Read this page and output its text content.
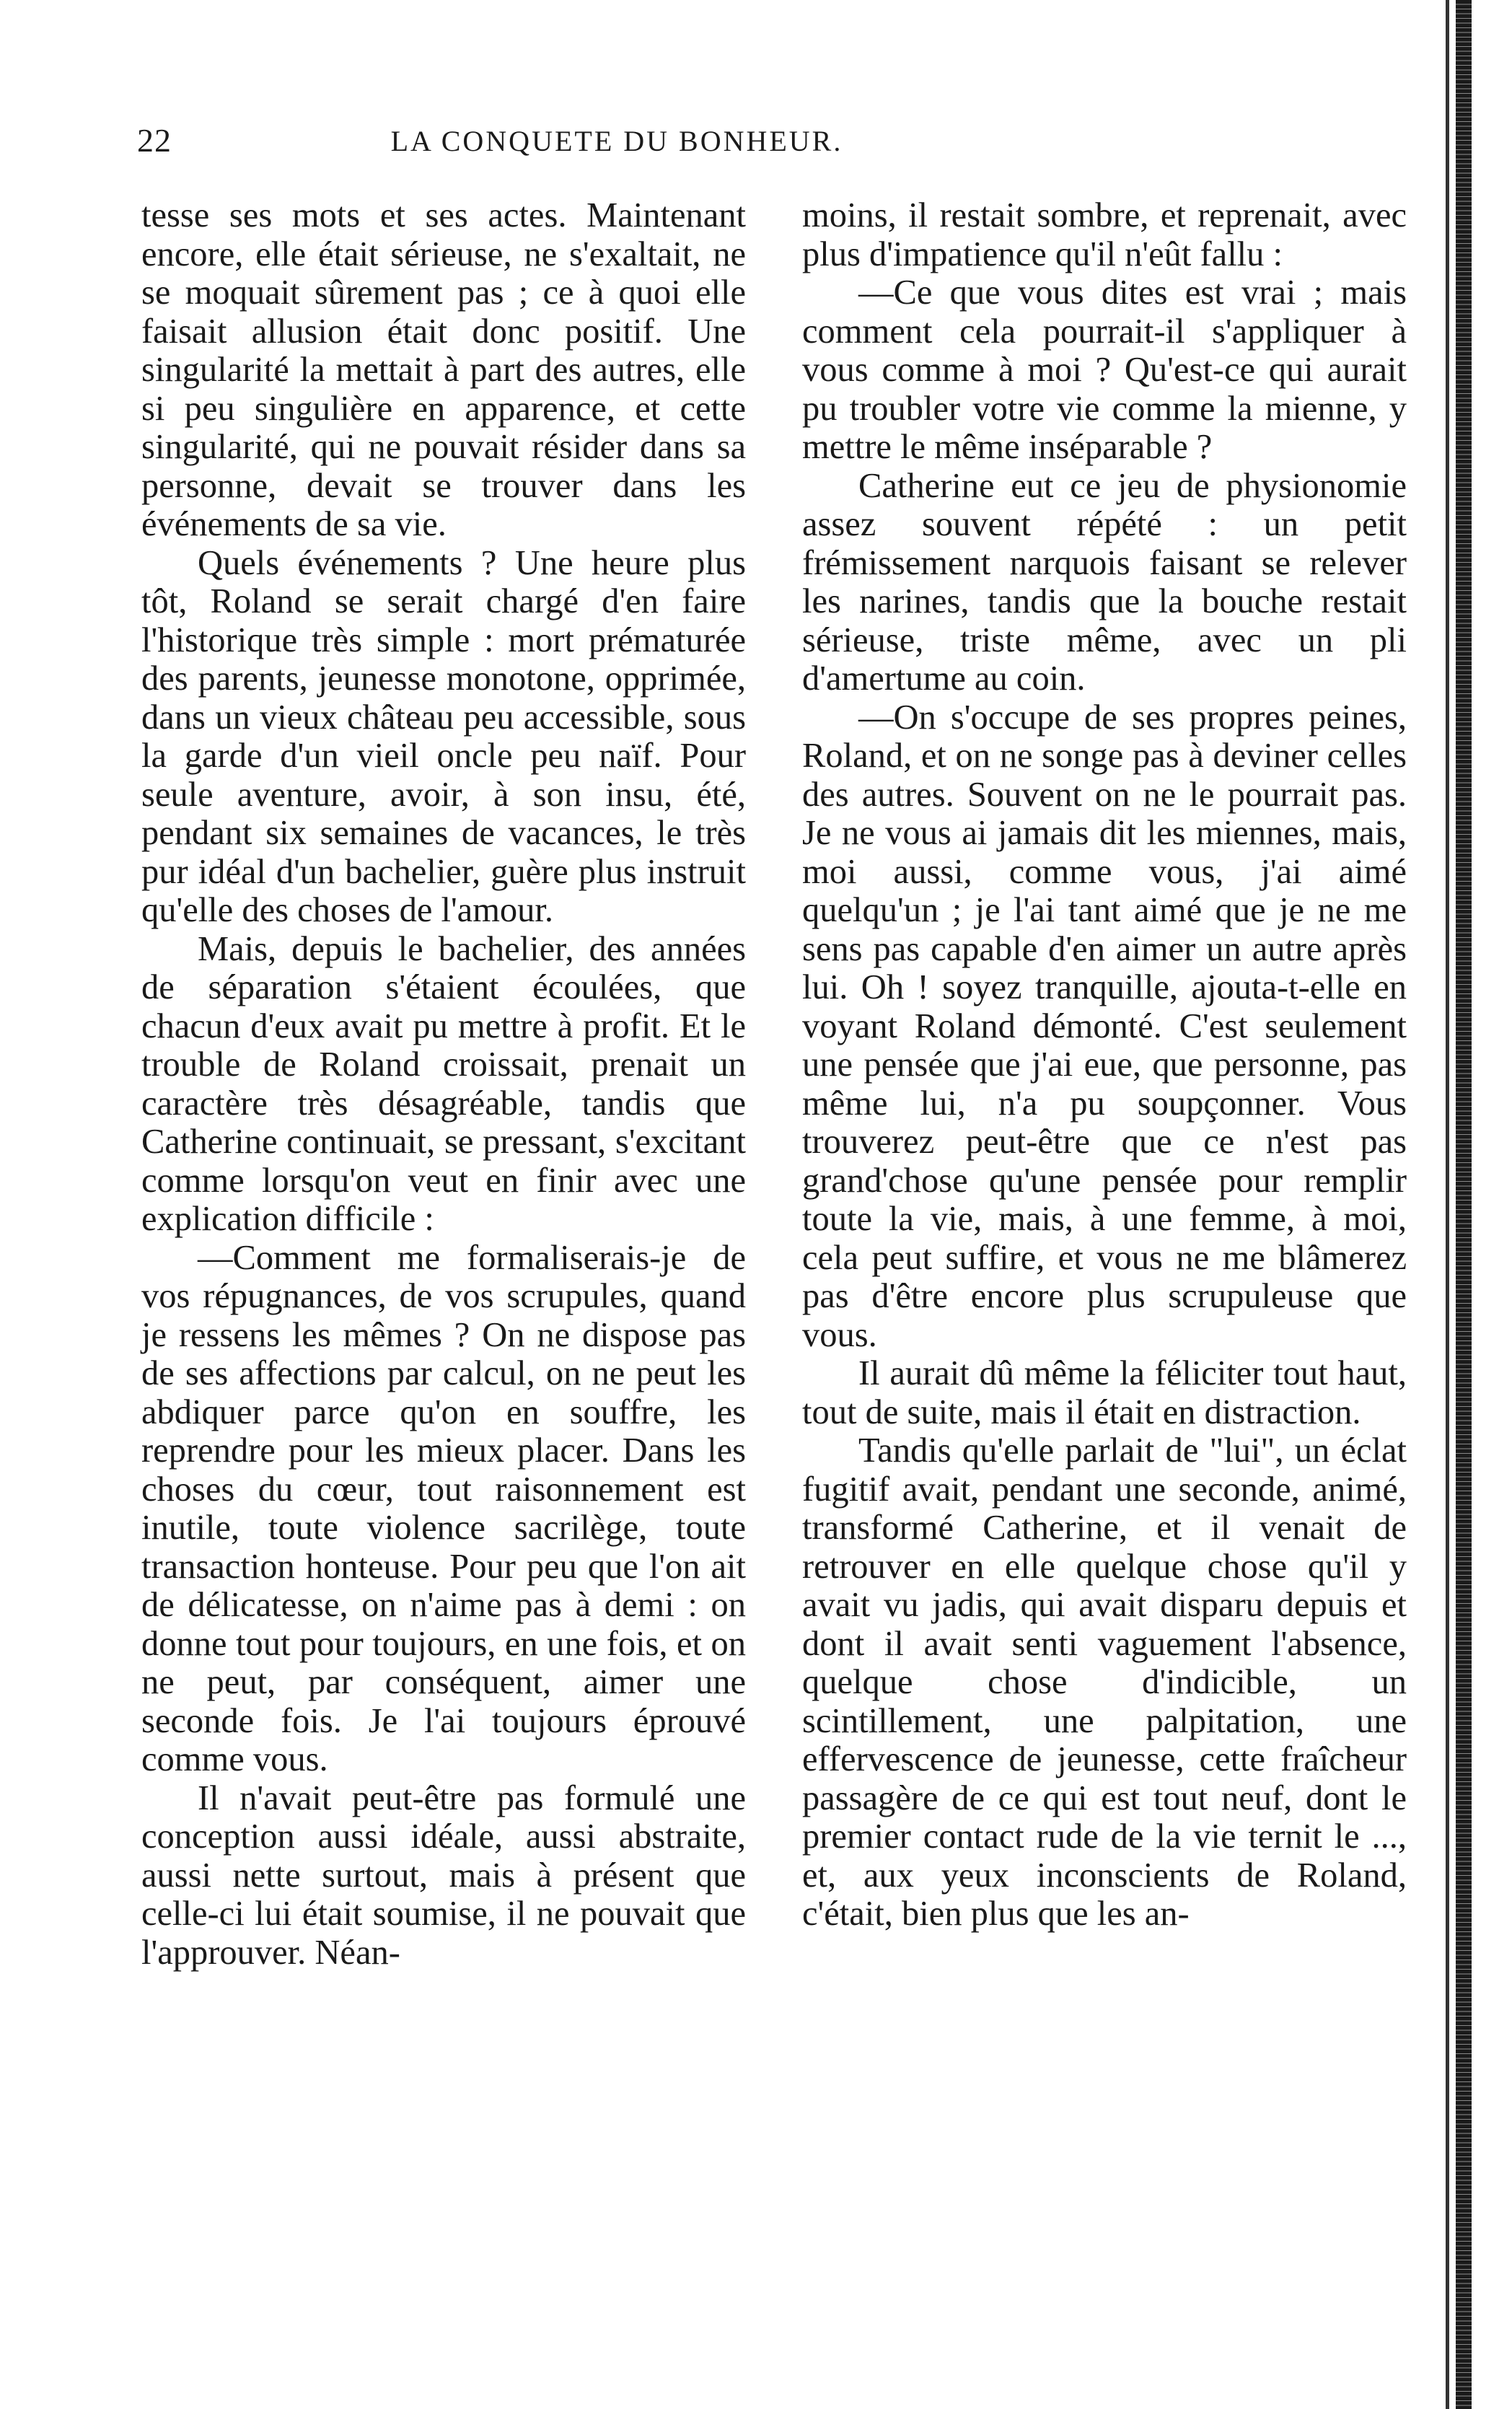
22	LA CONQUETE DU BONHEUR.

tesse ses mots et ses actes. Maintenant encore, elle était sérieuse, ne s'exaltait, ne se moquait sûrement pas ; ce à quoi elle faisait allusion était donc positif. Une singularité la mettait à part des autres, elle si peu singulière en apparence, et cette singularité, qui ne pouvait résider dans sa personne, devait se trouver dans les événements de sa vie.

Quels événements ? Une heure plus tôt, Roland se serait chargé d'en faire l'historique très simple : mort prématurée des parents, jeunesse monotone, opprimée, dans un vieux château peu accessible, sous la garde d'un vieil oncle peu naïf. Pour seule aventure, avoir, à son insu, été, pendant six semaines de vacances, le très pur idéal d'un bachelier, guère plus instruit qu'elle des choses de l'amour.

Mais, depuis le bachelier, des années de séparation s'étaient écoulées, que chacun d'eux avait pu mettre à profit. Et le trouble de Roland croissait, prenait un caractère très désagréable, tandis que Catherine continuait, se pressant, s'excitant comme lorsqu'on veut en finir avec une explication difficile :

—Comment me formaliserais-je de vos répugnances, de vos scrupules, quand je ressens les mêmes ? On ne dispose pas de ses affections par calcul, on ne peut les abdiquer parce qu'on en souffre, les reprendre pour les mieux placer. Dans les choses du cœur, tout raisonnement est inutile, toute violence sacrilège, toute transaction honteuse. Pour peu que l'on ait de délicatesse, on n'aime pas à demi : on donne tout pour toujours, en une fois, et on ne peut, par conséquent, aimer une seconde fois. Je l'ai toujours éprouvé comme vous.

Il n'avait peut-être pas formulé une conception aussi idéale, aussi abstraite, aussi nette surtout, mais à présent que celle-ci lui était soumise, il ne pouvait que l'approuver. Néan-

moins, il restait sombre, et reprenait, avec plus d'impatience qu'il n'eût fallu :

—Ce que vous dites est vrai ; mais comment cela pourrait-il s'appliquer à vous comme à moi ? Qu'est-ce qui aurait pu troubler votre vie comme la mienne, y mettre le même inséparable ?

Catherine eut ce jeu de physionomie assez souvent répété : un petit frémissement narquois faisant se relever les narines, tandis que la bouche restait sérieuse, triste même, avec un pli d'amertume au coin.

—On s'occupe de ses propres peines, Roland, et on ne songe pas à deviner celles des autres. Souvent on ne le pourrait pas. Je ne vous ai jamais dit les miennes, mais, moi aussi, comme vous, j'ai aimé quelqu'un ; je l'ai tant aimé que je ne me sens pas capable d'en aimer un autre après lui. Oh ! soyez tranquille, ajouta-t-elle en voyant Roland démonté. C'est seulement une pensée que j'ai eue, que personne, pas même lui, n'a pu soupçonner. Vous trouverez peut-être que ce n'est pas grand'chose qu'une pensée pour remplir toute la vie, mais, à une femme, à moi, cela peut suffire, et vous ne me blâmerez pas d'être encore plus scrupuleuse que vous.

Il aurait dû même la féliciter tout haut, tout de suite, mais il était en distraction.

Tandis qu'elle parlait de "lui", un éclat fugitif avait, pendant une seconde, animé, transformé Catherine, et il venait de retrouver en elle quelque chose qu'il y avait vu jadis, qui avait disparu depuis et dont il avait senti vaguement l'absence, quelque chose d'indicible, un scintillement, une palpitation, une effervescence de jeunesse, cette fraîcheur passagère de ce qui est tout neuf, dont le premier contact rude de la vie ternit le ..., et, aux yeux inconscients de Roland, c'était, bien plus que les an-
